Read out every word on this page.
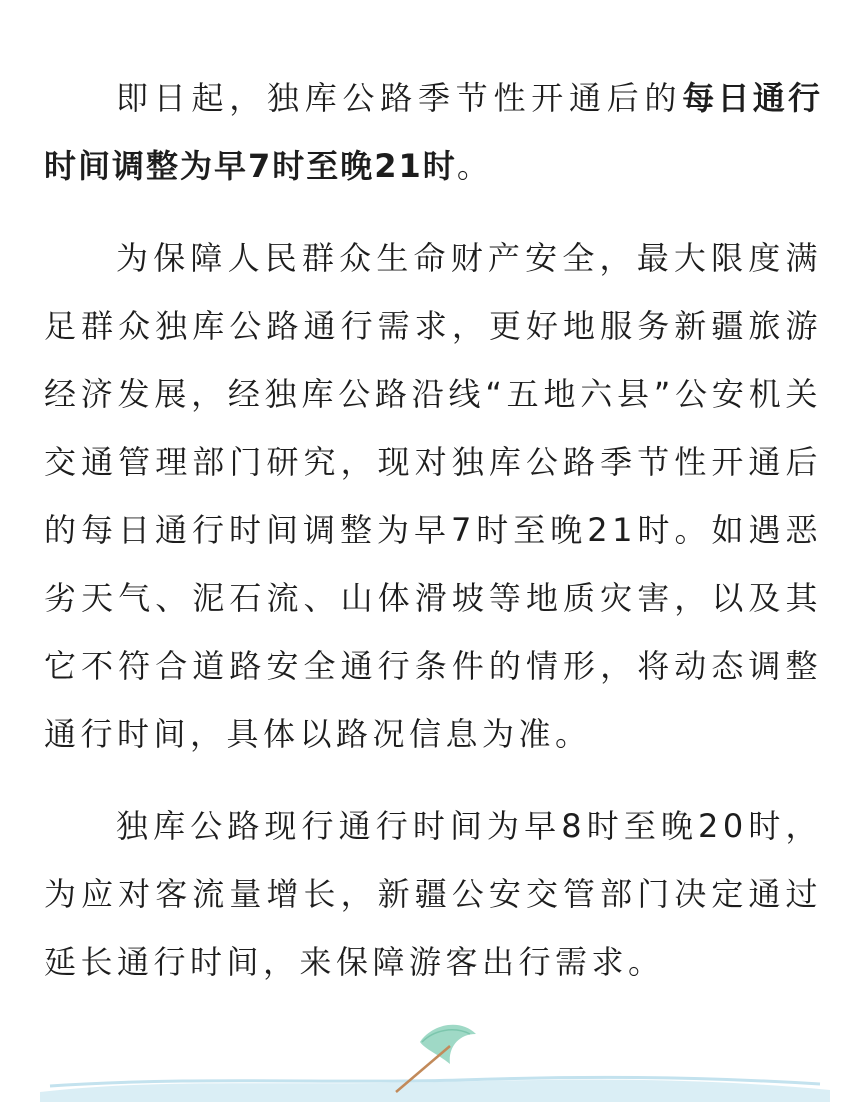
即日起，独库公路季节性开通后的每日通行时间调整为早7时至晚21时。

为保障人民群众生命财产安全，最大限度满足群众独库公路通行需求，更好地服务新疆旅游经济发展，经独库公路沿线“五地六县”公安机关交通管理部门研究，现对独库公路季节性开通后的每日通行时间调整为早7时至晚21时。如遇恶劣天气、泥石流、山体滑坡等地质灾害，以及其它不符合道路安全通行条件的情形，将动态调整通行时间，具体以路况信息为准。

独库公路现行通行时间为早8时至晚20时，为应对客流量增长，新疆公安交管部门决定通过延长通行时间，来保障游客出行需求。
